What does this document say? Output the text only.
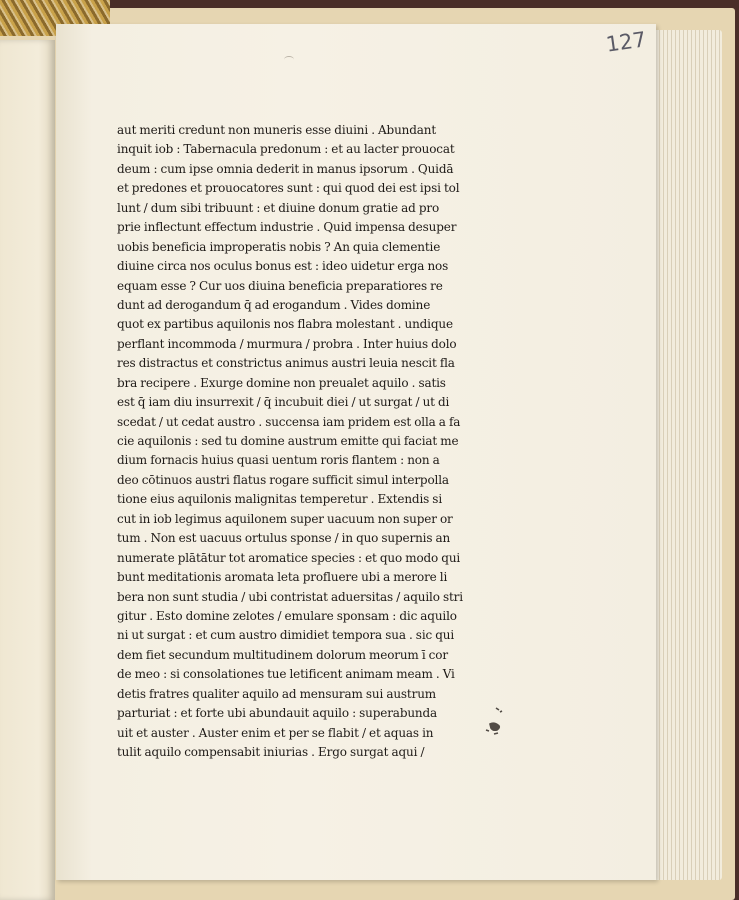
127
aut meriti credunt non muneris esse diuini . Abundant
inquit iob : Tabernacula predonum : et au lacter prouocat
deum : cum ipse omnia dederit in manus ipsorum . Quidā
et predones et prouocatores sunt : qui quod dei est ipsi tol
lunt / dum sibi tribuunt : et diuine donum gratie ad pro
prie inflectunt effectum industrie . Quid impensa desuper
uobis beneficia improperatis nobis ? An quia clementie
diuine circa nos oculus bonus est : ideo uidetur erga nos
equam esse ? Cur uos diuina beneficia preparatiores re
dunt ad derogandum q̄ ad erogandum . Vides domine
quot ex partibus aquilonis nos flabra molestant . undique
perflant incommoda / murmura / probra . Inter huius dolo
res distractus et constrictus animus austri leuia nescit fla
bra recipere . Exurge domine non preualet aquilo . satis
est q̄ iam diu insurrexit / q̄ incubuit diei / ut surgat / ut di
scedat / ut cedat austro . succensa iam pridem est olla a fa
cie aquilonis : sed tu domine austrum emitte qui faciat me
dium fornacis huius quasi uentum roris flantem : non a
deo cōtinuos austri flatus rogare sufficit simul interpolla
tione eius aquilonis malignitas temperetur . Extendis si
cut in iob legimus aquilonem super uacuum non super or
tum . Non est uacuus ortulus sponse / in quo supernis an
numerate plātātur tot aromatice species : et quo modo qui
bunt meditationis aromata leta profluere ubi a merore li
bera non sunt studia / ubi contristat aduersitas / aquilo stri
gitur . Esto domine zelotes / emulare sponsam : dic aquilo
ni ut surgat : et cum austro dimidiet tempora sua . sic qui
dem fiet secundum multitudinem dolorum meorum ī cor
de meo : si consolationes tue letificent animam meam . Vi
detis fratres qualiter aquilo ad mensuram sui austrum
parturiat : et forte ubi abundauit aquilo : superabunda
uit et auster . Auster enim et per se flabit / et aquas in
tulit aquilo compensabit iniurias . Ergo surgat aqui /
